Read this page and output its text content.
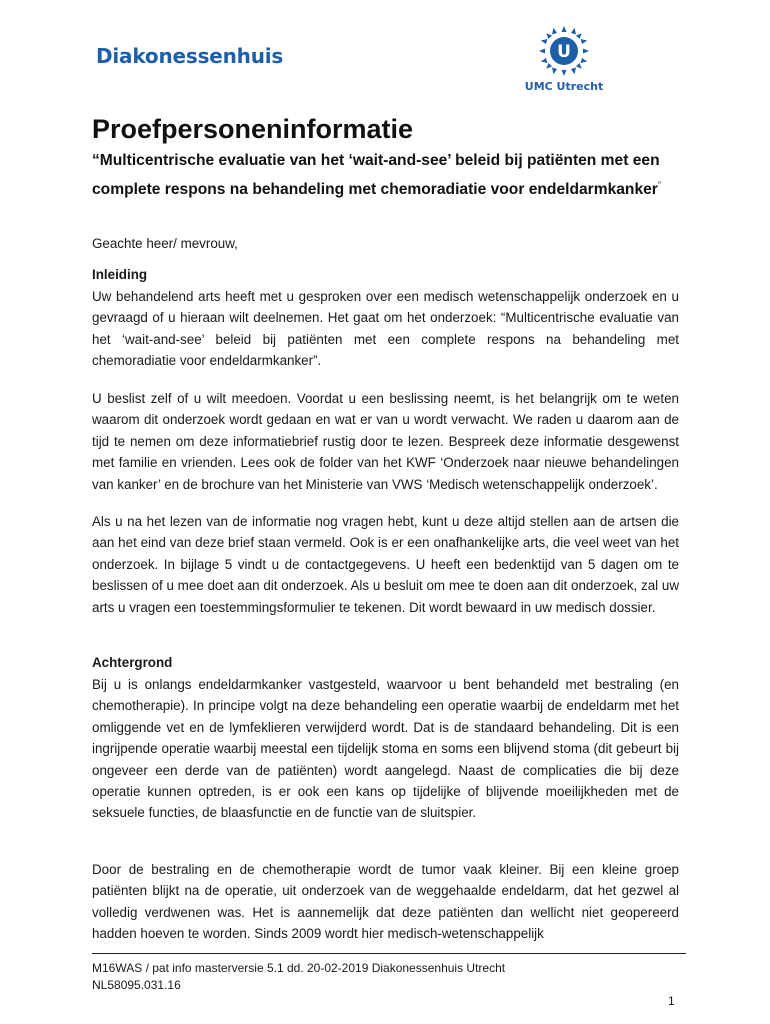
Diakonessenhuis	U
UMC Utrecht
Proefpersoneninformatie

“Multicentrische evaluatie van het ‘wait-and-see’ beleid bij patiënten met een complete respons na behandeling met chemoradiatie voor endeldarmkanker”

Geachte heer/ mevrouw,

Inleiding

Uw behandelend arts heeft met u gesproken over een medisch wetenschappelijk onderzoek en u gevraagd of u hieraan wilt deelnemen. Het gaat om het onderzoek: “Multicentrische evaluatie van het ‘wait-and-see’ beleid bij patiënten met een complete respons na behandeling met chemoradiatie voor endeldarmkanker”.

U beslist zelf of u wilt meedoen. Voordat u een beslissing neemt, is het belangrijk om te weten waarom dit onderzoek wordt gedaan en wat er van u wordt verwacht. We raden u daarom aan de tijd te nemen om deze informatiebrief rustig door te lezen. Bespreek deze informatie desgewenst met familie en vrienden. Lees ook de folder van het KWF ‘Onderzoek naar nieuwe behandelingen van kanker’ en de brochure van het Ministerie van VWS ‘Medisch wetenschappelijk onderzoek’.

Als u na het lezen van de informatie nog vragen hebt, kunt u deze altijd stellen aan de artsen die aan het eind van deze brief staan vermeld. Ook is er een onafhankelijke arts, die veel weet van het onderzoek. In bijlage 5 vindt u de contactgegevens. U heeft een bedenktijd van 5 dagen om te beslissen of u mee doet aan dit onderzoek. Als u besluit om mee te doen aan dit onderzoek, zal uw arts u vragen een toestemmingsformulier te tekenen. Dit wordt bewaard in uw medisch dossier.

Achtergrond

Bij u is onlangs endeldarmkanker vastgesteld, waarvoor u bent behandeld met bestraling (en chemotherapie). In principe volgt na deze behandeling een operatie waarbij de endeldarm met het omliggende vet en de lymfeklieren verwijderd wordt. Dat is de standaard behandeling. Dit is een ingrijpende operatie waarbij meestal een tijdelijk stoma en soms een blijvend stoma (dit gebeurt bij ongeveer een derde van de patiënten) wordt aangelegd. Naast de complicaties die bij deze operatie kunnen optreden, is er ook een kans op tijdelijke of blijvende moeilijkheden met de seksuele functies, de blaasfunctie en de functie van de sluitspier.

Door de bestraling en de chemotherapie wordt de tumor vaak kleiner. Bij een kleine groep patiënten blijkt na de operatie, uit onderzoek van de weggehaalde endeldarm, dat het gezwel al volledig verdwenen was. Het is aannemelijk dat deze patiënten dan wellicht niet geopereerd hadden hoeven te worden. Sinds 2009 wordt hier medisch-wetenschappelijk

M16WAS / pat info masterversie 5.1 dd. 20-02-2019 Diakonessenhuis Utrecht
NL58095.031.16

1
